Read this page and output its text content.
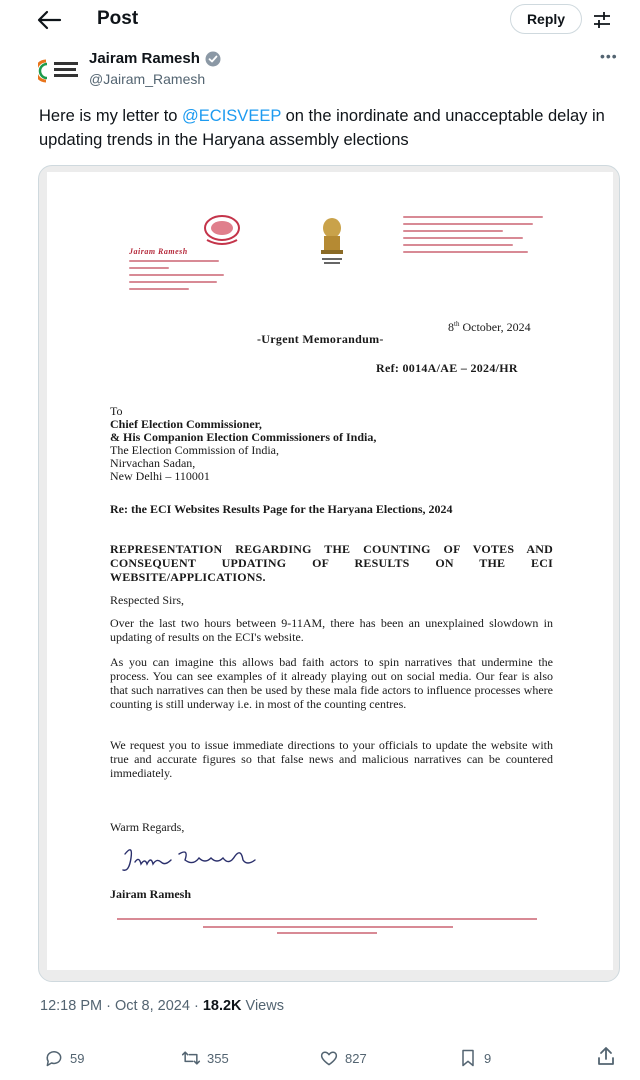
Post	Reply
Jairam Ramesh
@Jairam_Ramesh
•••
Here is my letter to @ECISVEEP on the inordinate and unacceptable delay in updating trends in the Haryana assembly elections
Jairam Ramesh
8th October, 2024
-Urgent Memorandum-
Ref: 0014A/AE – 2024/HR
To
Chief Election Commissioner,
& His Companion Election Commissioners of India,
The Election Commission of India,
Nirvachan Sadan,
New Delhi – 110001
Re: the ECI Websites Results Page for the Haryana Elections, 2024
REPRESENTATION REGARDING THE COUNTING OF VOTES AND CONSEQUENT UPDATING OF RESULTS ON THE ECI WEBSITE/APPLICATIONS.
Respected Sirs,
Over the last two hours between 9-11AM, there has been an unexplained slowdown in updating of results on the ECI's website.
As you can imagine this allows bad faith actors to spin narratives that undermine the process. You can see examples of it already playing out on social media. Our fear is also that such narratives can then be used by these mala fide actors to influence processes where counting is still underway i.e. in most of the counting centres.
We request you to issue immediate directions to your officials to update the website with true and accurate figures so that false news and malicious narratives can be countered immediately.
Warm Regards,
Jairam Ramesh
12:18 PM · Oct 8, 2024 · 18.2K Views
59	355	827	9
